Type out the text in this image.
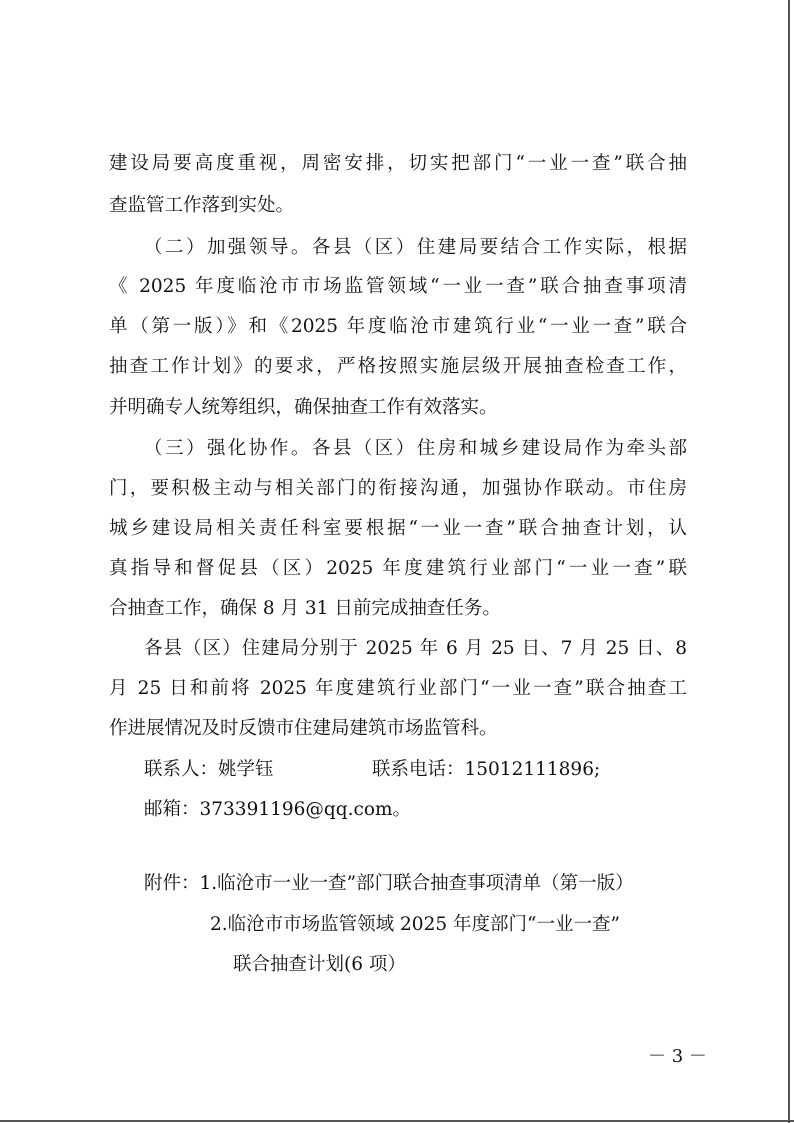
建设局要高度重视，周密安排，切实把部门“一业一查”联合抽
查监管工作落到实处。
（二）加强领导。各县（区）住建局要结合工作实际，根据
《 2025 年度临沧市市场监管领域“一业一查”联合抽查事项清
单（第一版）》和《2025 年度临沧市建筑行业“一业一查”联合
抽查工作计划》的要求，严格按照实施层级开展抽查检查工作，
并明确专人统筹组织，确保抽查工作有效落实。
（三）强化协作。各县（区）住房和城乡建设局作为牵头部
门，要积极主动与相关部门的衔接沟通，加强协作联动。市住房
城乡建设局相关责任科室要根据“一业一查”联合抽查计划，认
真指导和督促县（区）2025 年度建筑行业部门“一业一查”联
合抽查工作，确保 8 月 31 日前完成抽查任务。
各县（区）住建局分别于 2025 年 6 月 25 日、7 月 25 日、8
月 25 日和前将 2025 年度建筑行业部门“一业一查”联合抽查工
作进展情况及时反馈市住建局建筑市场监管科。
联系人：姚学钰	联系电话：15012111896;
邮箱：373391196@qq.com。
附件：1.临沧市一业一查”部门联合抽查事项清单（第一版）
2.临沧市市场监管领域 2025 年度部门“一业一查”
联合抽查计划(6 项）
－ 3 －
